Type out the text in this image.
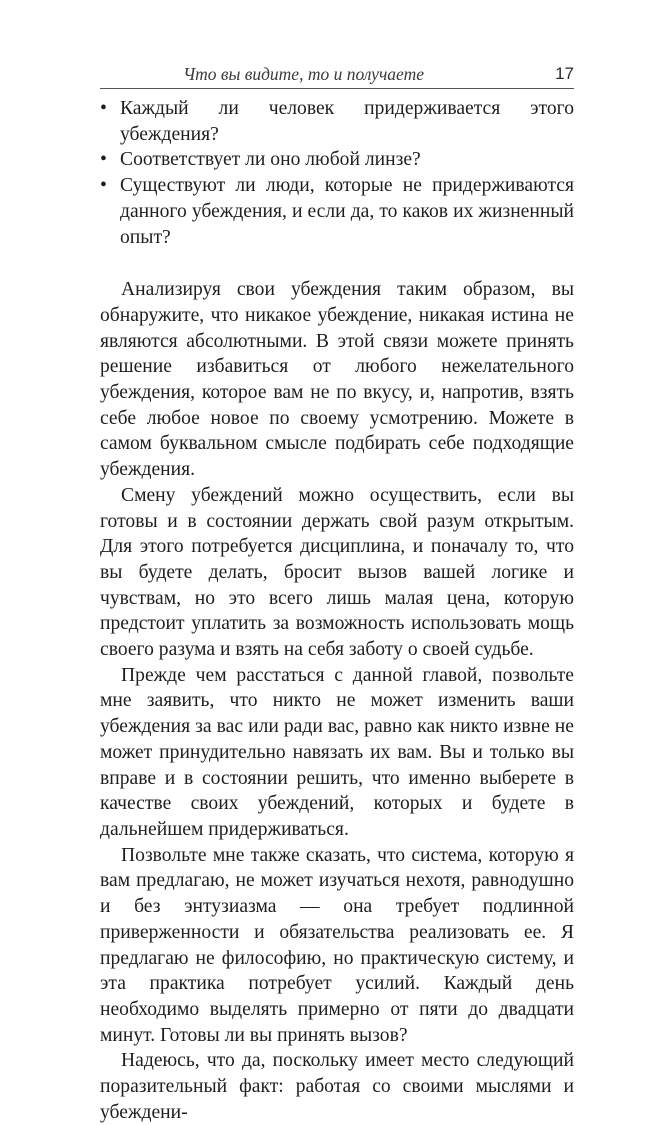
Что вы видите, то и получаете	17
• Каждый ли человек придерживается этого убеждения?
• Соответствует ли оно любой линзе?
• Существуют ли люди, которые не придерживаются данного убеждения, и если да, то каков их жизненный опыт?

Анализируя свои убеждения таким образом, вы обнаружите, что никакое убеждение, никакая истина не являются абсолютными. В этой связи можете принять решение избавиться от любого нежелательного убеждения, которое вам не по вкусу, и, напротив, взять себе любое новое по своему усмотрению. Можете в самом буквальном смысле подбирать себе подходящие убеждения.

Смену убеждений можно осуществить, если вы готовы и в состоянии держать свой разум открытым. Для этого потребуется дисциплина, и поначалу то, что вы будете делать, бросит вызов вашей логике и чувствам, но это всего лишь малая цена, которую предстоит уплатить за возможность использовать мощь своего разума и взять на себя заботу о своей судьбе.

Прежде чем расстаться с данной главой, позвольте мне заявить, что никто не может изменить ваши убеждения за вас или ради вас, равно как никто извне не может принудительно навязать их вам. Вы и только вы вправе и в состоянии решить, что именно выберете в качестве своих убеждений, которых и будете в дальнейшем придерживаться.

Позвольте мне также сказать, что система, которую я вам предлагаю, не может изучаться нехотя, равнодушно и без энтузиазма — она требует подлинной приверженности и обязательства реализовать ее. Я предлагаю не философию, но практическую систему, и эта практика потребует усилий. Каждый день необходимо выделять примерно от пяти до двадцати минут. Готовы ли вы принять вызов?

Надеюсь, что да, поскольку имеет место следующий поразительный факт: работая со своими мыслями и убеждени-
